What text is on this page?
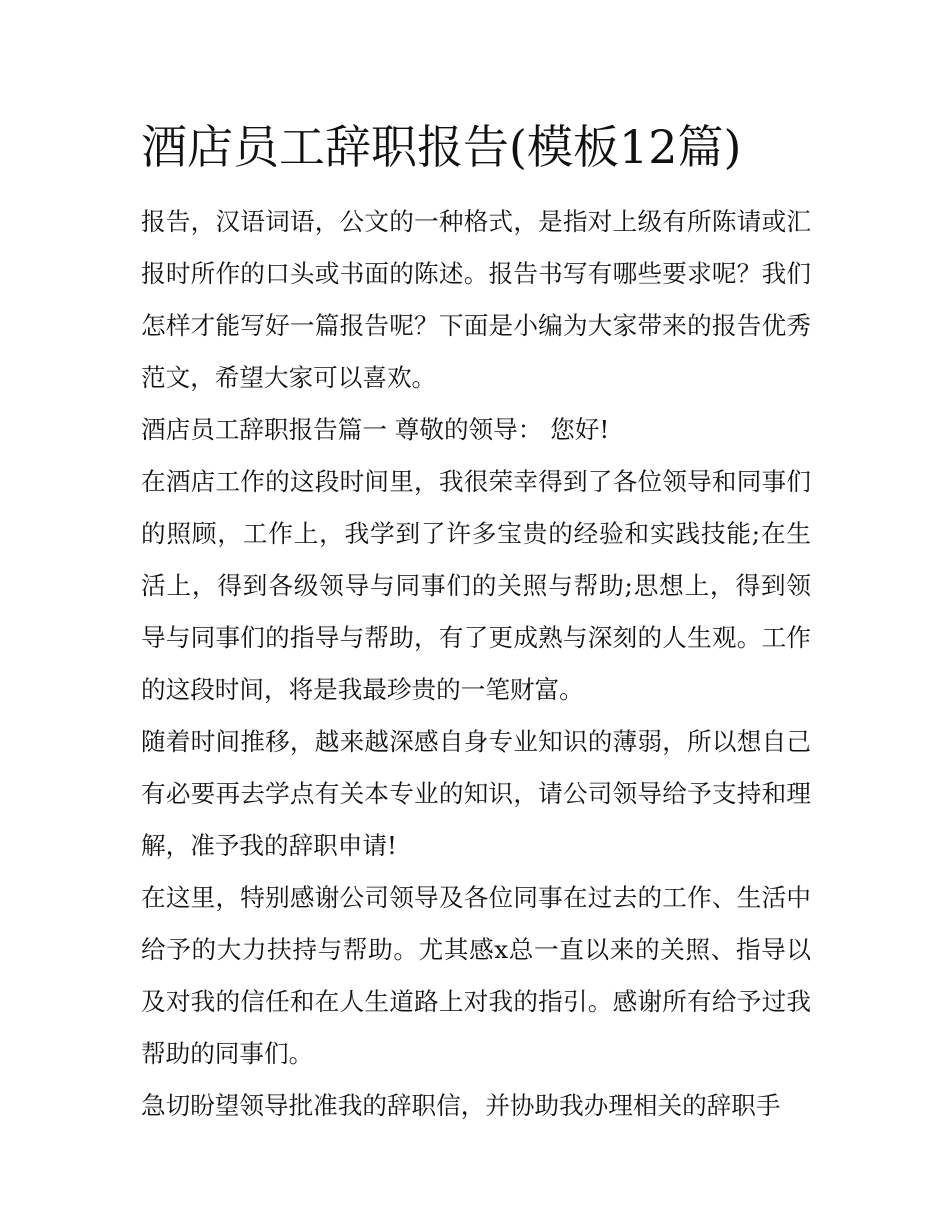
酒店员工辞职报告(模板12篇)

报告，汉语词语，公文的一种格式，是指对上级有所陈请或汇报时所作的口头或书面的陈述。报告书写有哪些要求呢？我们怎样才能写好一篇报告呢？下面是小编为大家带来的报告优秀范文，希望大家可以喜欢。

酒店员工辞职报告篇一 尊敬的领导： 您好!

在酒店工作的这段时间里，我很荣幸得到了各位领导和同事们的照顾，工作上，我学到了许多宝贵的经验和实践技能;在生活上，得到各级领导与同事们的关照与帮助;思想上，得到领导与同事们的指导与帮助，有了更成熟与深刻的人生观。工作的这段时间，将是我最珍贵的一笔财富。

随着时间推移，越来越深感自身专业知识的薄弱，所以想自己有必要再去学点有关本专业的知识，请公司领导给予支持和理解，准予我的辞职申请!

在这里，特别感谢公司领导及各位同事在过去的工作、生活中给予的大力扶持与帮助。尤其感x总一直以来的关照、指导以及对我的信任和在人生道路上对我的指引。感谢所有给予过我帮助的同事们。

急切盼望领导批准我的辞职信，并协助我办理相关的辞职手
